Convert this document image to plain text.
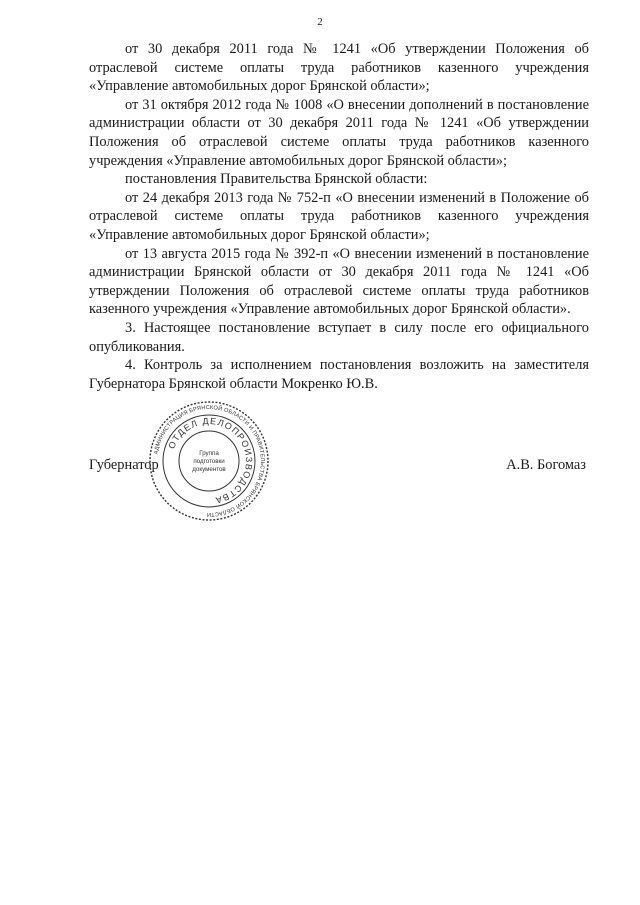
2

от 30 декабря 2011 года № 1241 «Об утверждении Положения об отраслевой системе оплаты труда работников казенного учреждения «Управление автомобильных дорог Брянской области»;

от 31 октября 2012 года № 1008 «О внесении дополнений в постановление администрации области от 30 декабря 2011 года № 1241 «Об утверждении Положения об отраслевой системе оплаты труда работников казенного учреждения «Управление автомобильных дорог Брянской области»;

постановления Правительства Брянской области:

от 24 декабря 2013 года № 752-п «О внесении изменений в Положение об отраслевой системе оплаты труда работников казенного учреждения «Управление автомобильных дорог Брянской области»;

от 13 августа 2015 года № 392-п «О внесении изменений в постановление администрации Брянской области от 30 декабря 2011 года № 1241 «Об утверждении Положения об отраслевой системе оплаты труда работников казенного учреждения «Управление автомобильных дорог Брянской области».

3. Настоящее постановление вступает в силу после его официального опубликования.

4. Контроль за исполнением постановления возложить на заместителя Губернатора Брянской области Мокренко Ю.В.

Губернатор	А.В. Богомаз
АДМИНИСТРАЦИЯ БРЯНСКОЙ ОБЛАСТИ И ПРАВИТЕЛЬСТВА БРЯНСКОЙ ОБЛАСТИ
ОТДЕЛ ДЕЛОПРОИЗВОДСТВА
Группа
подготовки
документов
